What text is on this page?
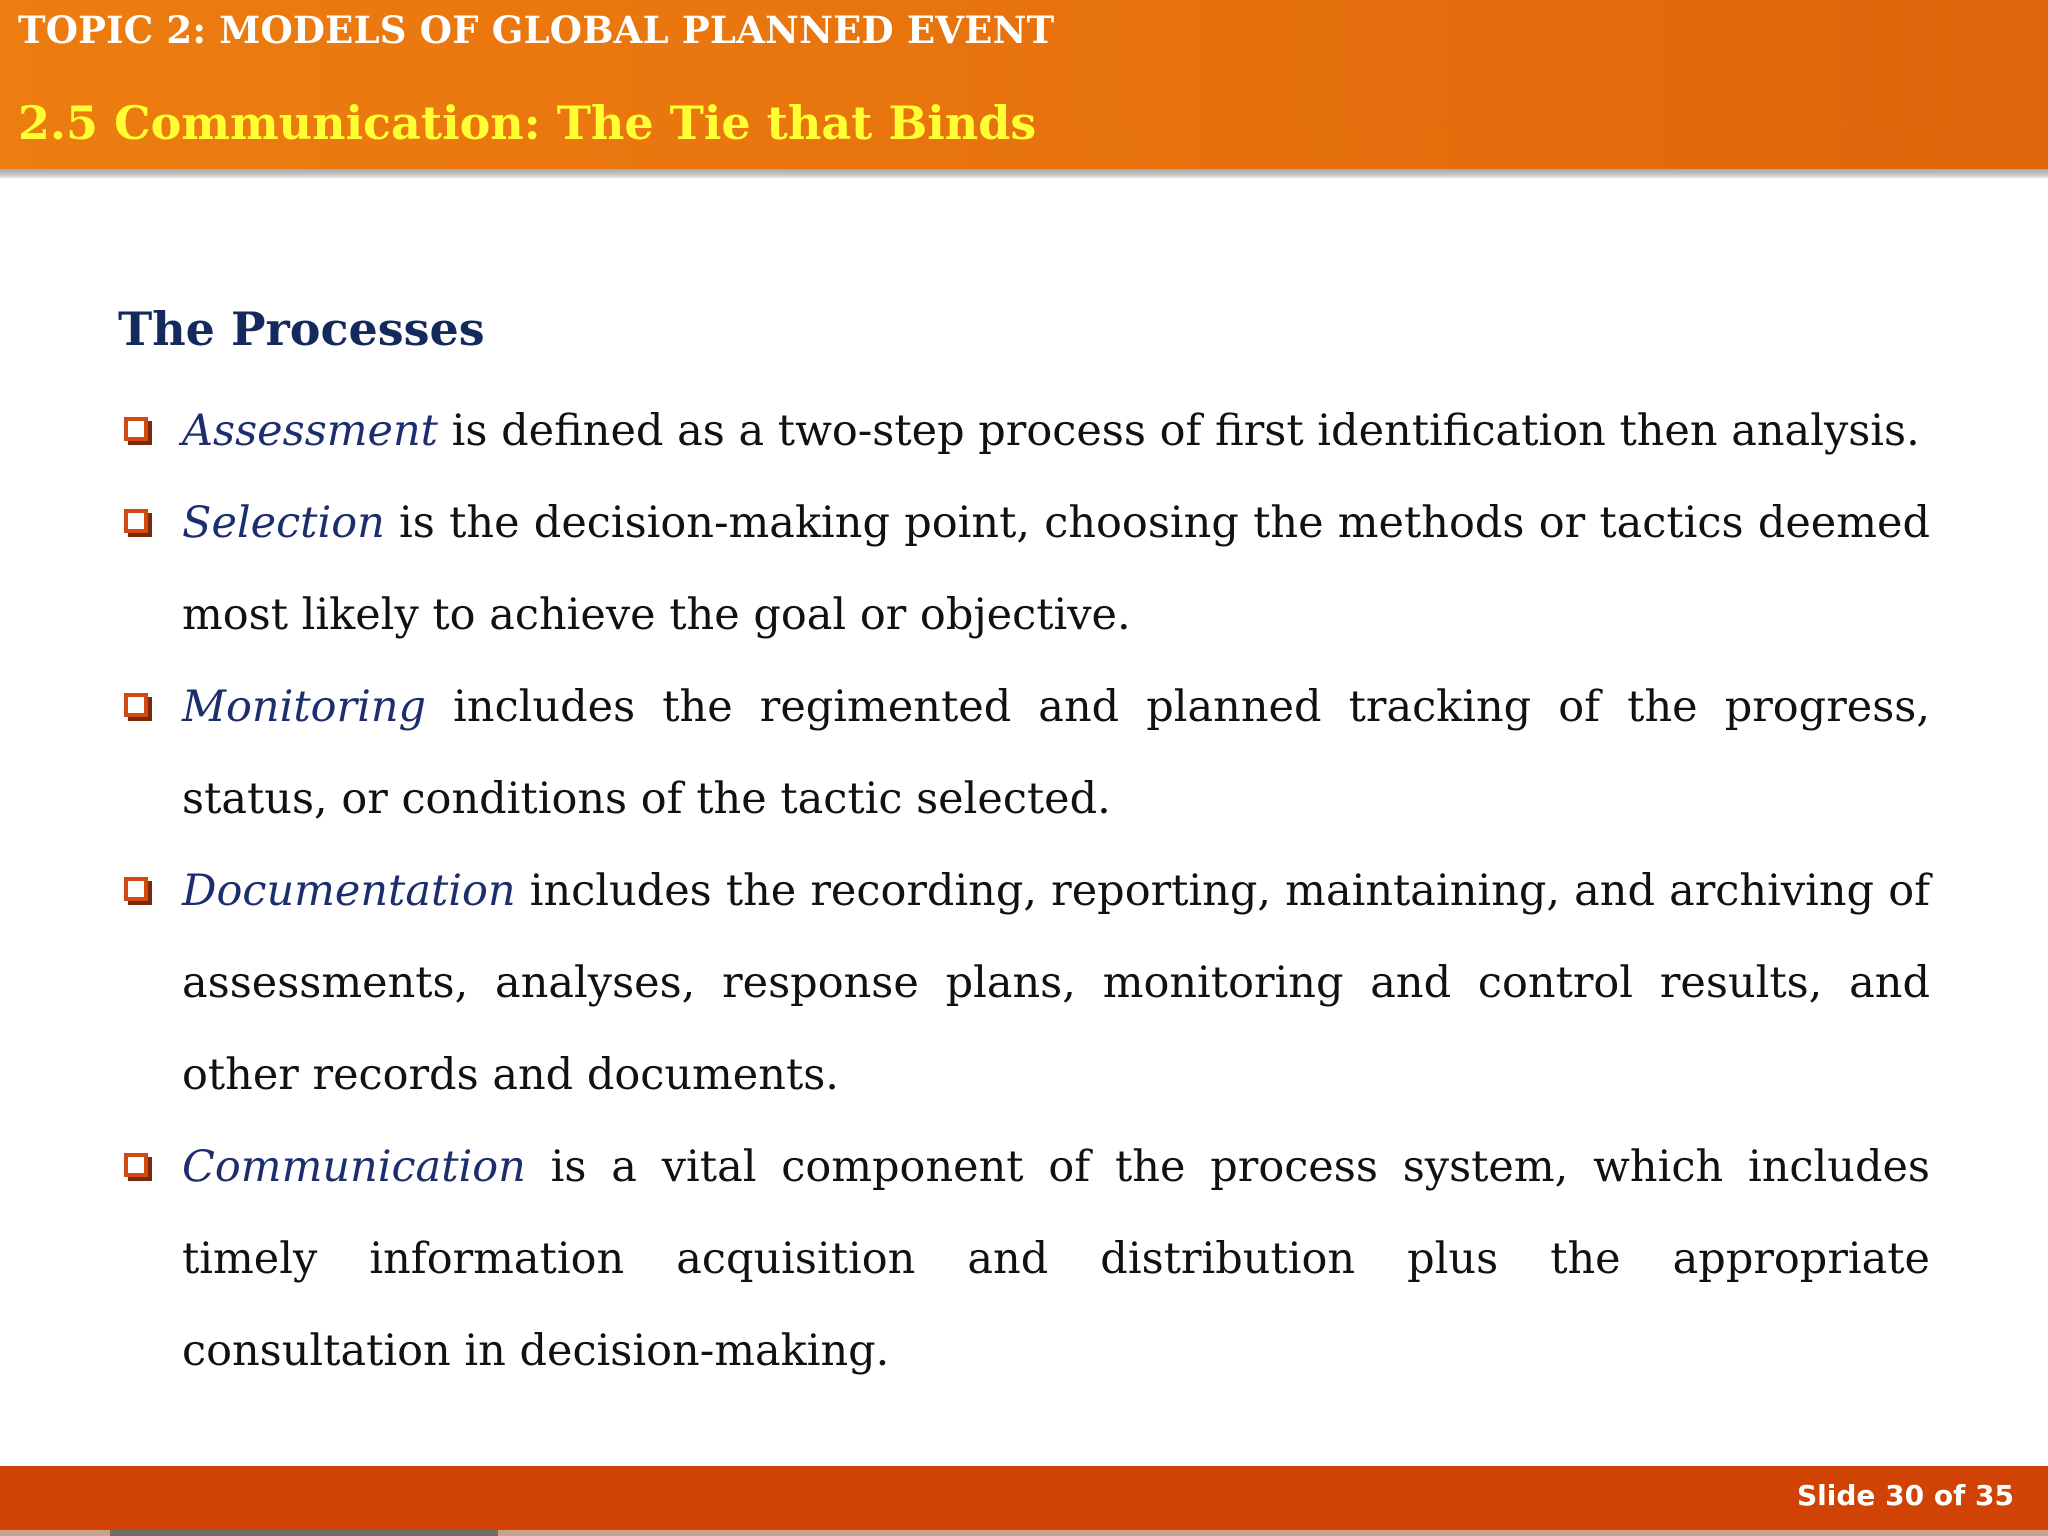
TOPIC 2: MODELS OF GLOBAL PLANNED EVENT
2.5 Communication: The Tie that Binds
The Processes
Assessment is defined as a two-step process of first identification then analysis.
Selection is the decision-making point, choosing the methods or tactics deemed most likely to achieve the goal or objective.
Monitoring includes the regimented and planned tracking of the progress, status, or conditions of the tactic selected.
Documentation includes the recording, reporting, maintaining, and archiving of assessments, analyses, response plans, monitoring and control results, and other records and documents.
Communication is a vital component of the process system, which includes timely information acquisition and distribution plus the appropriate consultation in decision-making.
Slide 30 of 35
